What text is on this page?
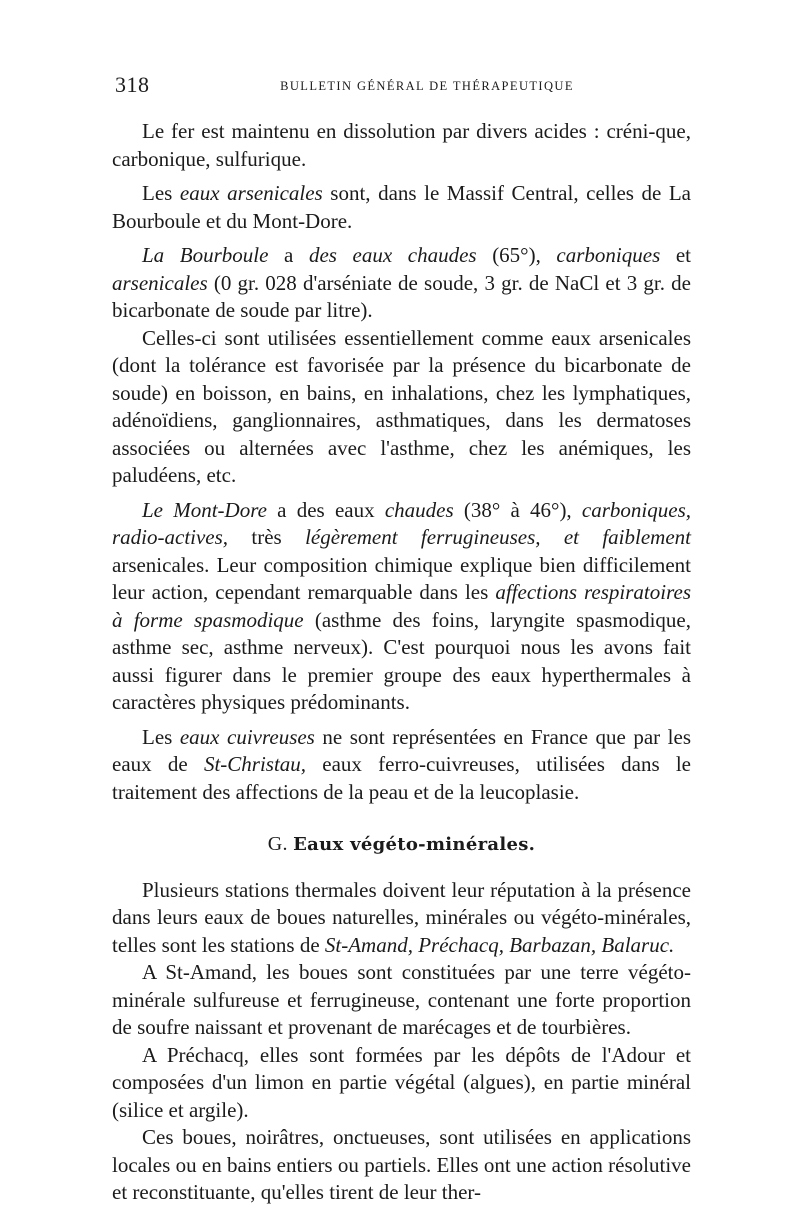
318	BULLETIN GÉNÉRAL DE THÉRAPEUTIQUE

Le fer est maintenu en dissolution par divers acides : créni-que, carbonique, sulfurique.

Les eaux arsenicales sont, dans le Massif Central, celles de La Bourboule et du Mont-Dore.

La Bourboule a des eaux chaudes (65°), carboniques et arsenicales (0 gr. 028 d'arséniate de soude, 3 gr. de NaCl et 3 gr. de bicarbonate de soude par litre).

Celles-ci sont utilisées essentiellement comme eaux arsenicales (dont la tolérance est favorisée par la présence du bicarbonate de soude) en boisson, en bains, en inhalations, chez les lymphatiques, adénoïdiens, ganglionnaires, asthmatiques, dans les dermatoses associées ou alternées avec l'asthme, chez les anémiques, les paludéens, etc.

Le Mont-Dore a des eaux chaudes (38° à 46°), carboniques, radio-actives, très légèrement ferrugineuses, et faiblement arsenicales. Leur composition chimique explique bien difficilement leur action, cependant remarquable dans les affections respiratoires à forme spasmodique (asthme des foins, laryngite spasmodique, asthme sec, asthme nerveux). C'est pourquoi nous les avons fait aussi figurer dans le premier groupe des eaux hyperthermales à caractères physiques prédominants.

Les eaux cuivreuses ne sont représentées en France que par les eaux de St-Christau, eaux ferro-cuivreuses, utilisées dans le traitement des affections de la peau et de la leucoplasie.

G. Eaux végéto-minérales.

Plusieurs stations thermales doivent leur réputation à la présence dans leurs eaux de boues naturelles, minérales ou végéto-minérales, telles sont les stations de St-Amand, Préchacq, Barbazan, Balaruc.

A St-Amand, les boues sont constituées par une terre végéto-minérale sulfureuse et ferrugineuse, contenant une forte proportion de soufre naissant et provenant de marécages et de tourbières.

A Préchacq, elles sont formées par les dépôts de l'Adour et composées d'un limon en partie végétal (algues), en partie minéral (silice et argile).

Ces boues, noirâtres, onctueuses, sont utilisées en applications locales ou en bains entiers ou partiels. Elles ont une action résolutive et reconstituante, qu'elles tirent de leur ther-
